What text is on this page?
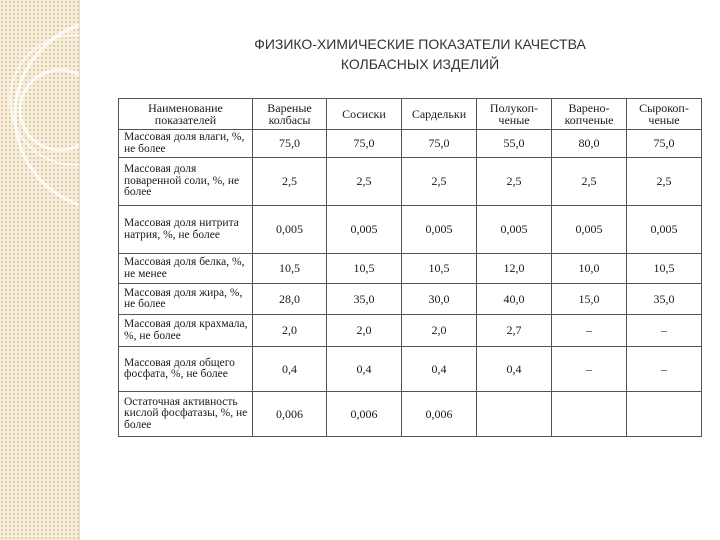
ФИЗИКО-ХИМИЧЕСКИЕ ПОКАЗАТЕЛИ КАЧЕСТВА
КОЛБАСНЫХ ИЗДЕЛИЙ
Наименование показателей	Вареные колбасы	Сосиски	Сардельки	Полукоп-ченые	Варено-копченые	Сырокоп-ченые
Массовая доля влаги, %, не более	75,0	75,0	75,0	55,0	80,0	75,0
Массовая доля поваренной соли, %, не более	2,5	2,5	2,5	2,5	2,5	2,5
Массовая доля нитрита натрия, %, не более	0,005	0,005	0,005	0,005	0,005	0,005
Массовая доля белка, %, не менее	10,5	10,5	10,5	12,0	10,0	10,5
Массовая доля жира, %, не более	28,0	35,0	30,0	40,0	15,0	35,0
Массовая доля крахмала, %, не более	2,0	2,0	2,0	2,7	–	–
Массовая доля общего фосфата, %, не более	0,4	0,4	0,4	0,4	–	–
Остаточная активность кислой фосфатазы, %, не более	0,006	0,006	0,006			
